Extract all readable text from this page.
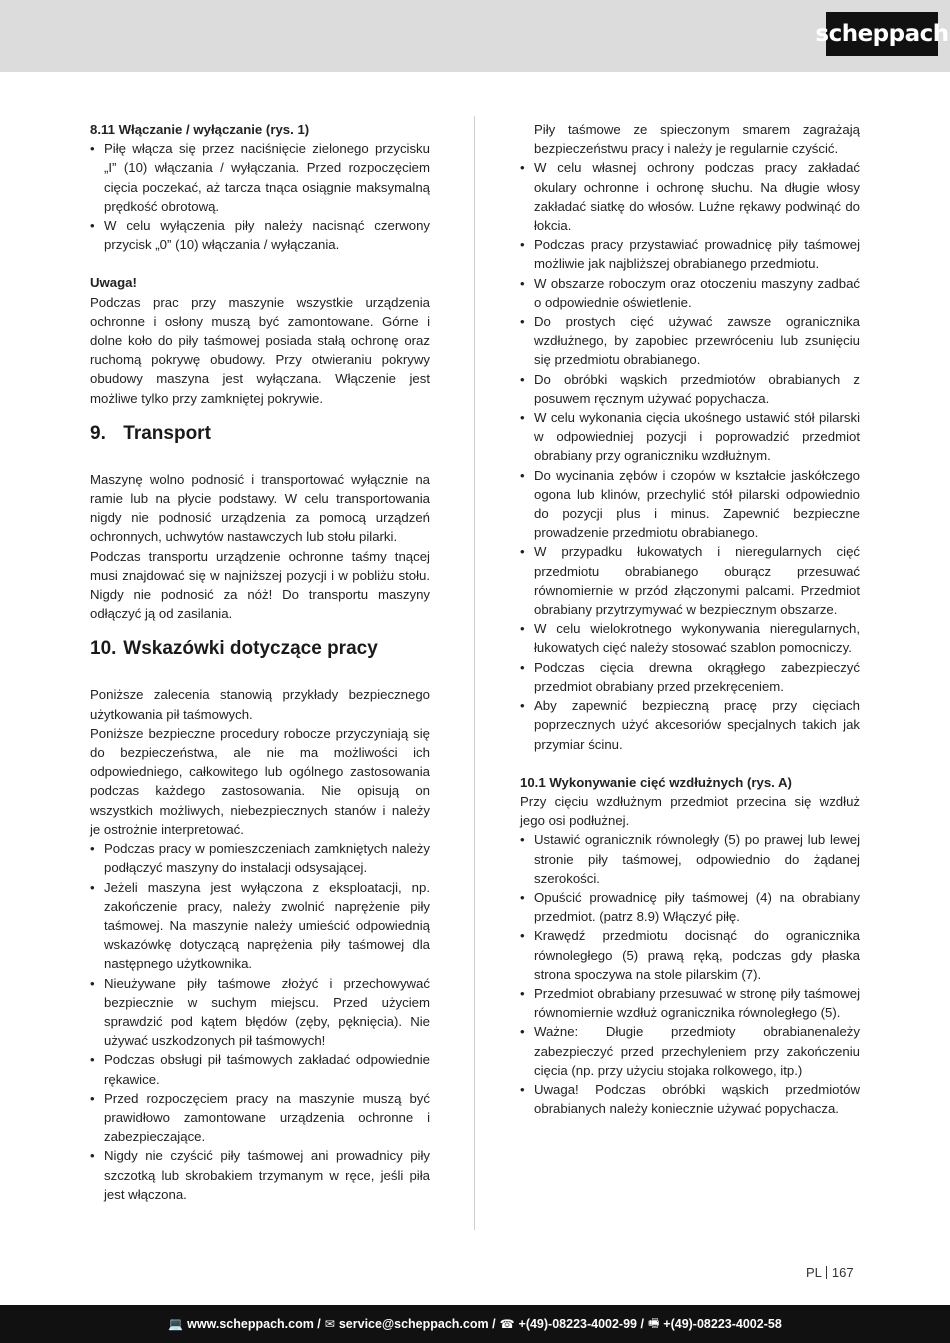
scheppach
8.11 Włączanie / wyłączanie (rys. 1)
• Piłę włącza się przez naciśnięcie zielonego przycisku „I” (10) włączania / wyłączania. Przed rozpoczęciem cięcia poczekać, aż tarcza tnąca osiągnie maksymalną prędkość obrotową.
• W celu wyłączenia piły należy nacisnąć czerwony przycisk „0” (10) włączania / wyłączania.
Uwaga!

Podczas prac przy maszynie wszystkie urządzenia ochronne i osłony muszą być zamontowane. Górne i dolne koło do piły taśmowej posiada stałą ochronę oraz ruchomą pokrywę obudowy. Przy otwieraniu pokrywy obudowy maszyna jest wyłączana. Włączenie jest możliwe tylko przy zamkniętej pokrywie.

9. Transport

Maszynę wolno podnosić i transportować wyłącznie na ramie lub na płycie podstawy. W celu transportowania nigdy nie podnosić urządzenia za pomocą urządzeń ochronnych, uchwytów nastawczych lub stołu pilarki.

Podczas transportu urządzenie ochronne taśmy tnącej musi znajdować się w najniższej pozycji i w pobliżu stołu. Nigdy nie podnosić za nóż! Do transportu maszyny odłączyć ją od zasilania.

10. Wskazówki dotyczące pracy

Poniższe zalecenia stanowią przykłady bezpiecznego użytkowania pił taśmowych.

Poniższe bezpieczne procedury robocze przyczyniają się do bezpieczeństwa, ale nie ma możliwości ich odpowiedniego, całkowitego lub ogólnego zastosowania podczas każdego zastosowania. Nie opisują on wszystkich możliwych, niebezpiecznych stanów i należy je ostrożnie interpretować.

• Podczas pracy w pomieszczeniach zamkniętych należy podłączyć maszyny do instalacji odsysającej.
• Jeżeli maszyna jest wyłączona z eksploatacji, np. zakończenie pracy, należy zwolnić naprężenie piły taśmowej. Na maszynie należy umieścić odpowiednią wskazówkę dotyczącą naprężenia piły taśmowej dla następnego użytkownika.
• Nieużywane piły taśmowe złożyć i przechowywać bezpiecznie w suchym miejscu. Przed użyciem sprawdzić pod kątem błędów (zęby, pęknięcia). Nie używać uszkodzonych pił taśmowych!
• Podczas obsługi pił taśmowych zakładać odpowiednie rękawice.
• Przed rozpoczęciem pracy na maszynie muszą być prawidłowo zamontowane urządzenia ochronne i zabezpieczające.
• Nigdy nie czyścić piły taśmowej ani prowadnicy piły szczotką lub skrobakiem trzymanym w ręce, jeśli piła jest włączona.

Piły taśmowe ze spieczonym smarem zagrażają bezpieczeństwu pracy i należy je regularnie czyścić.

• W celu własnej ochrony podczas pracy zakładać okulary ochronne i ochronę słuchu. Na długie włosy zakładać siatkę do włosów. Luźne rękawy podwinąć do łokcia.
• Podczas pracy przystawiać prowadnicę piły taśmowej możliwie jak najbliższej obrabianego przedmiotu.
• W obszarze roboczym oraz otoczeniu maszyny zadbać o odpowiednie oświetlenie.
• Do prostych cięć używać zawsze ogranicznika wzdłużnego, by zapobiec przewróceniu lub zsunięciu się przedmiotu obrabianego.
• Do obróbki wąskich przedmiotów obrabianych z posuwem ręcznym używać popychacza.
• W celu wykonania cięcia ukośnego ustawić stół pilarski w odpowiedniej pozycji i poprowadzić przedmiot obrabiany przy ograniczniku wzdłużnym.
• Do wycinania zębów i czopów w kształcie jaskółczego ogona lub klinów, przechylić stół pilarski odpowiednio do pozycji plus i minus. Zapewnić bezpieczne prowadzenie przedmiotu obrabianego.
• W przypadku łukowatych i nieregularnych cięć przedmiotu obrabianego oburącz przesuwać równomiernie w przód złączonymi palcami. Przedmiot obrabiany przytrzymywać w bezpiecznym obszarze.
• W celu wielokrotnego wykonywania nieregularnych, łukowatych cięć należy stosować szablon pomocniczy.
• Podczas cięcia drewna okrągłego zabezpieczyć przedmiot obrabiany przed przekręceniem.
• Aby zapewnić bezpieczną pracę przy cięciach poprzecznych użyć akcesoriów specjalnych takich jak przymiar ścinu.
10.1 Wykonywanie cięć wzdłużnych (rys. A)

Przy cięciu wzdłużnym przedmiot przecina się wzdłuż jego osi podłużnej.

• Ustawić ogranicznik równoległy (5) po prawej lub lewej stronie piły taśmowej, odpowiednio do żądanej szerokości.
• Opuścić prowadnicę piły taśmowej (4) na obrabiany przedmiot. (patrz 8.9) Włączyć piłę.
• Krawędź przedmiotu docisnąć do ogranicznika równoległego (5) prawą ręką, podczas gdy płaska strona spoczywa na stole pilarskim (7).
• Przedmiot obrabiany przesuwać w stronę piły taśmowej równomiernie wzdłuż ogranicznika równoległego (5).
• Ważne: Długie przedmioty obrabianenależy zabezpieczyć przed przechyleniem przy zakończeniu cięcia (np. przy użyciu stojaka rolkowego, itp.)
• Uwaga! Podczas obróbki wąskich przedmiotów obrabianych należy koniecznie używać popychacza.
PL 167
💻 www.scheppach.com / ✉ service@scheppach.com / ☎ +(49)-08223-4002-99 / 🖷 +(49)-08223-4002-58
